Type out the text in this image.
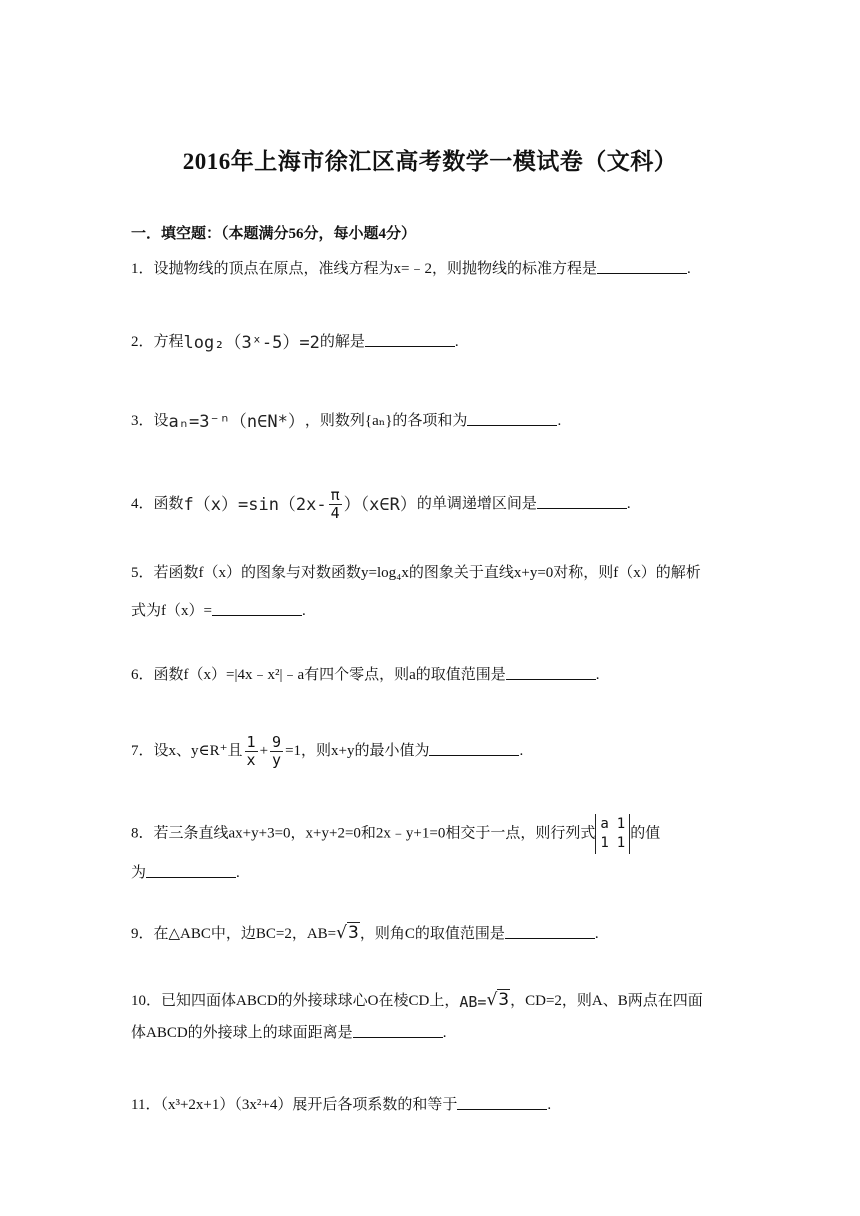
2016年上海市徐汇区高考数学一模试卷（文科）
一．填空题：（本题满分56分，每小题4分）
1．设抛物线的顶点在原点，准线方程为x=﹣2，则抛物线的标准方程是	.
2．方程log₂（3ˣ-5）=2的解是	.
3．设aₙ=3⁻ⁿ（n∈N*），则数列{aₙ}的各项和为	.
4．函数$f(x)=\sin(2x- \frac{\pi}{4}$ ）（x∈R）的单调递增区间是	.
5．若函数f（x）的图象与对数函数y=log₄x的图象关于直线x+y=0对称，则f（x）的解析
式为f（x）=	.
6．函数f（x）=|4x﹣x²|﹣a有四个零点，则a的取值范围是	.
7．设x、y∈R⁺且 $\frac{1}{x} + \frac{9}{y} =1$，则x+y的最小值为	.
8．若三条直线ax+y+3=0，x+y+2=0和2x﹣y+1=0相交于一点，则行列式
a 1
1 1
的值
为	.
9．在△ABC中，边BC=2，AB=√3，则角C的取值范围是	.
10．已知四面体ABCD的外接球球心O在棱CD上，AB=√3，CD=2，则A、B两点在四面
体ABCD的外接球上的球面距离是	.
11．（x³+2x+1）（3x²+4）展开后各项系数的和等于	.
